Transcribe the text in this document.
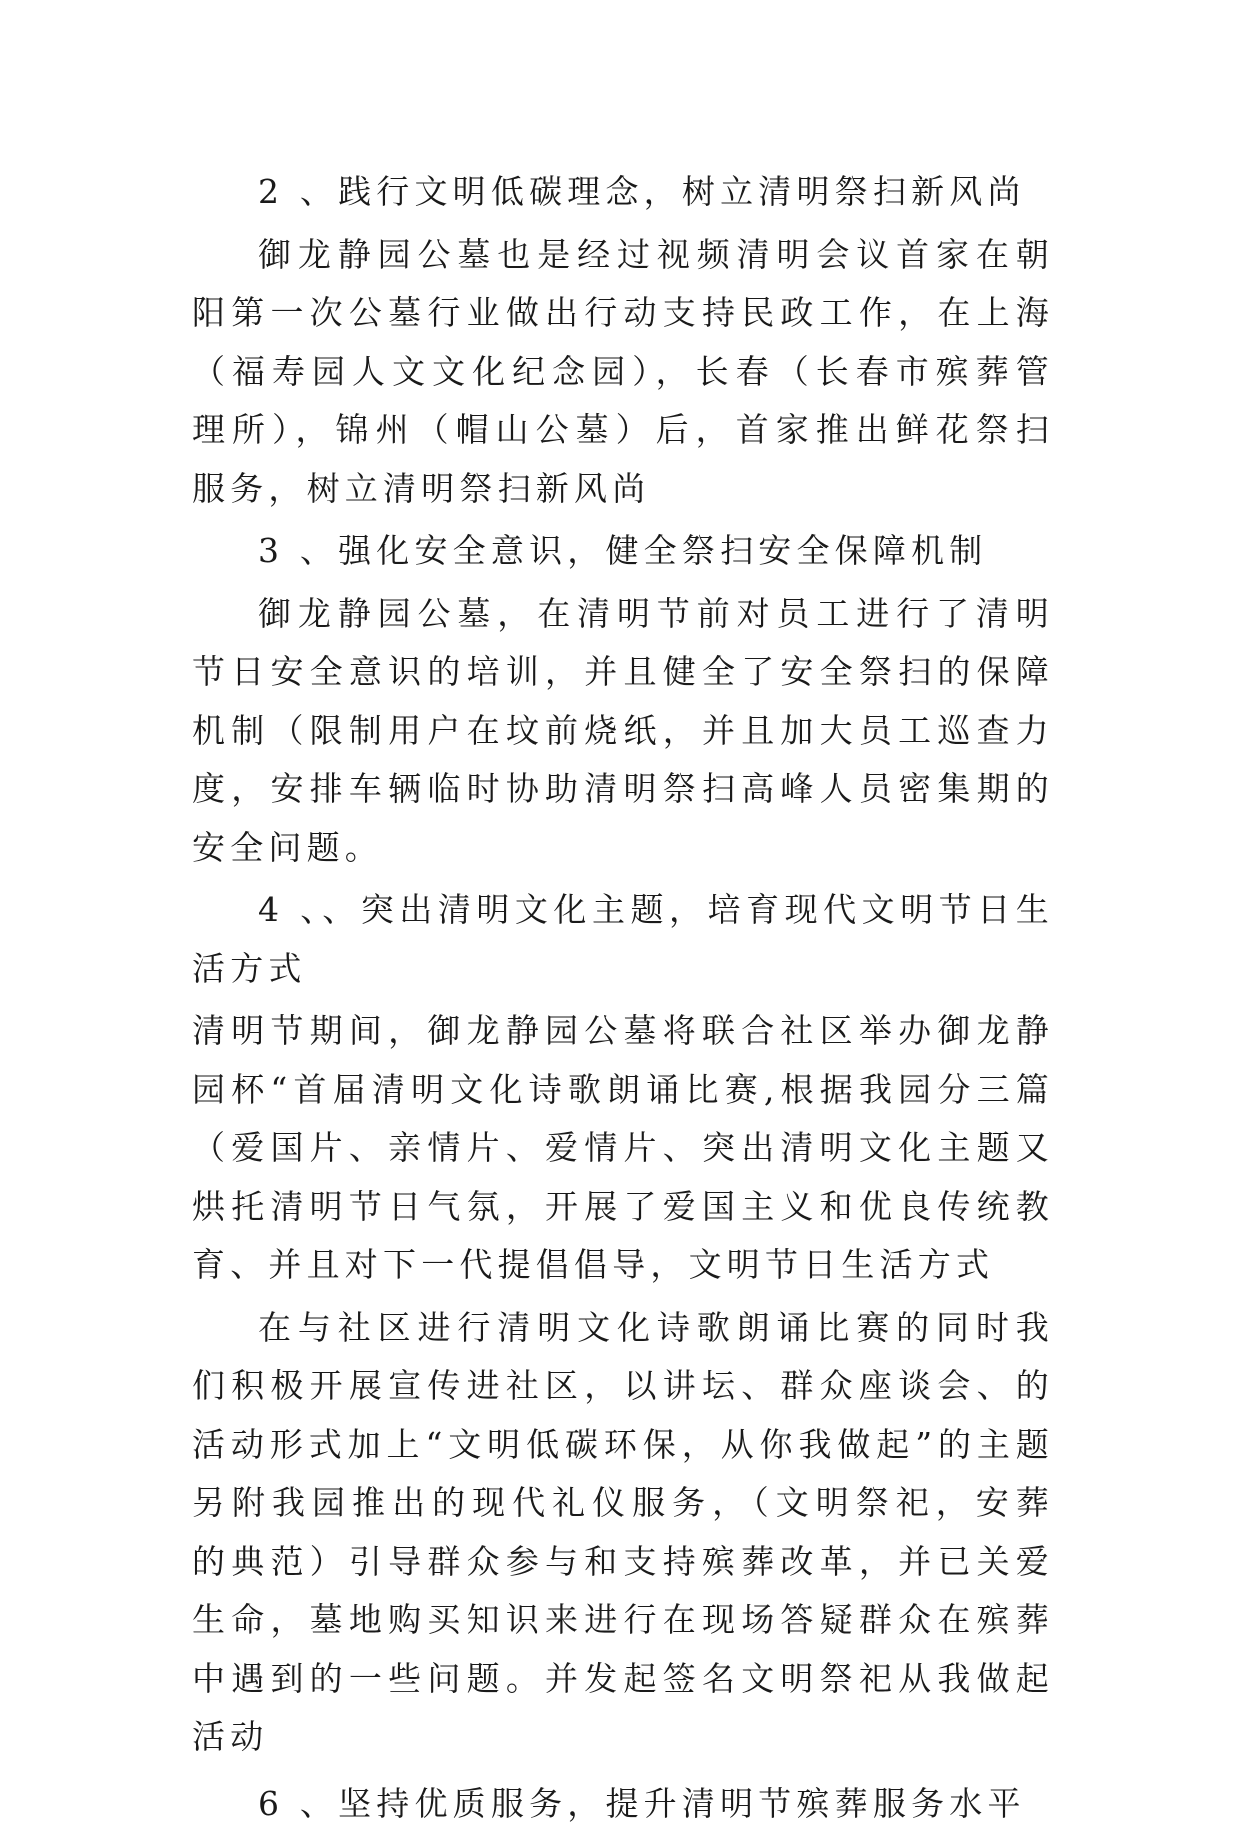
2 、践行文明低碳理念，树立清明祭扫新风尚

御龙静园公墓也是经过视频清明会议首家在朝阳第一次公墓行业做出行动支持民政工作，在上海（福寿园人文文化纪念园），长春（长春市殡葬管理所），锦州（帽山公墓）后，首家推出鲜花祭扫服务，树立清明祭扫新风尚

3 、强化安全意识，健全祭扫安全保障机制

御龙静园公墓，在清明节前对员工进行了清明节日安全意识的培训，并且健全了安全祭扫的保障机制（限制用户在坟前烧纸，并且加大员工巡查力度，安排车辆临时协助清明祭扫高峰人员密集期的安全问题。

4 、、突出清明文化主题，培育现代文明节日生活方式

清明节期间，御龙静园公墓将联合社区举办御龙静园杯“首届清明文化诗歌朗诵比赛,根据我园分三篇（爱国片、亲情片、爱情片、突出清明文化主题又烘托清明节日气氛，开展了爱国主义和优良传统教育、并且对下一代提倡倡导，文明节日生活方式

在与社区进行清明文化诗歌朗诵比赛的同时我们积极开展宣传进社区，以讲坛、群众座谈会、的活动形式加上“文明低碳环保，从你我做起”的主题另附我园推出的现代礼仪服务，（文明祭祀，安葬的典范）引导群众参与和支持殡葬改革，并已关爱生命，墓地购买知识来进行在现场答疑群众在殡葬中遇到的一些问题。并发起签名文明祭祀从我做起活动

6 、坚持优质服务，提升清明节殡葬服务水平
